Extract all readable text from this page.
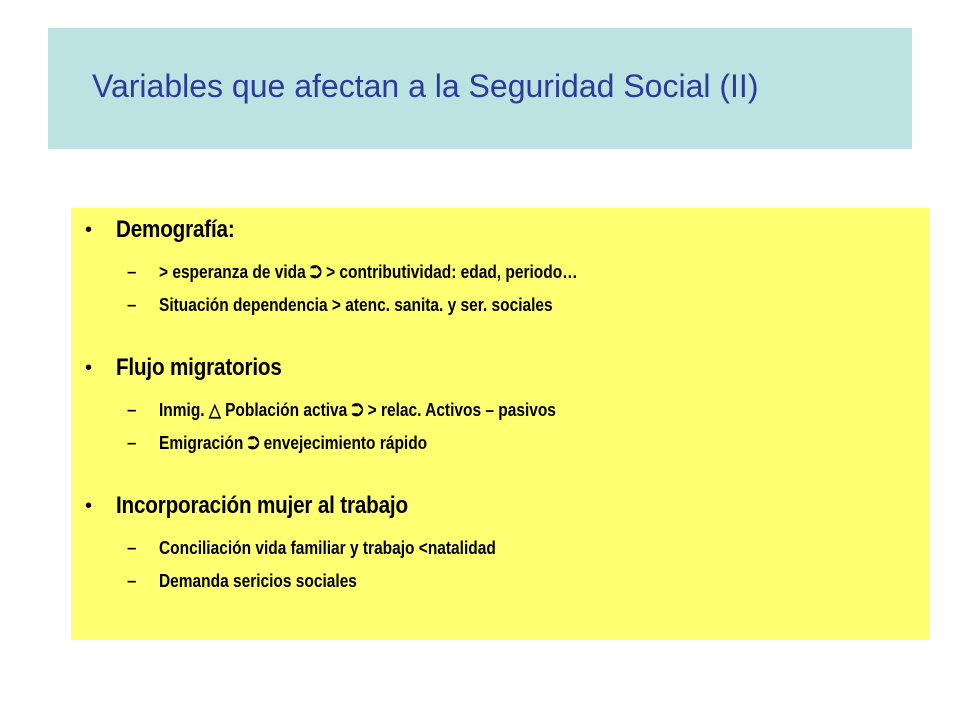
Variables que afectan a la Seguridad Social (II)
• Demografía:
– > esperanza de vida ⮊ > contributividad: edad, periodo…
– Situación dependencia > atenc. sanita. y ser. sociales
• Flujo migratorios
– Inmig. △ Población activa ⮊ > relac. Activos – pasivos
– Emigración ⮊ envejecimiento rápido
• Incorporación mujer al trabajo
– Conciliación vida familiar y trabajo <natalidad
– Demanda sericios sociales
